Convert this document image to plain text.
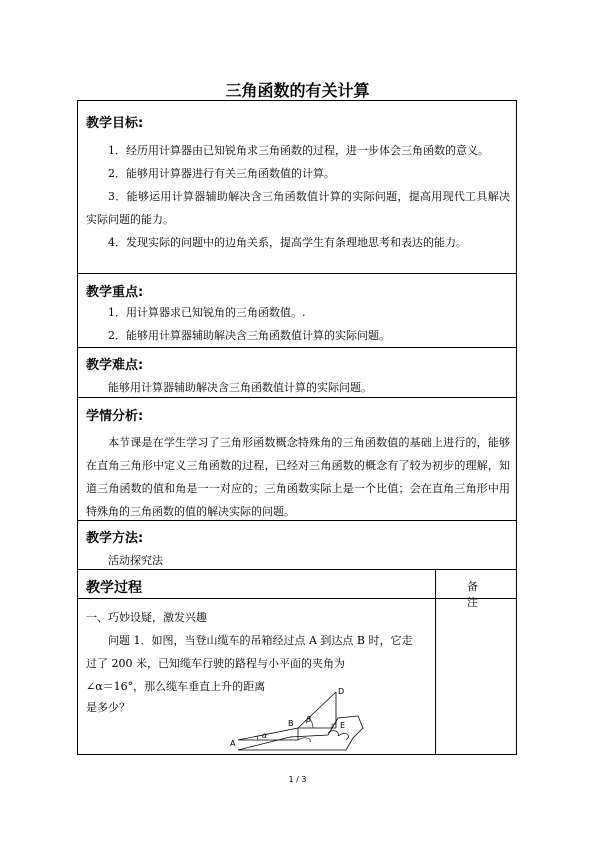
三角函数的有关计算
教学目标:

1．经历用计算器由已知锐角求三角函数的过程，进一步体会三角函数的意义。

2．能够用计算器进行有关三角函数值的计算。

3．能够运用计算器辅助解决含三角函数值计算的实际问题，提高用现代工具解决实际问题的能力。

4．发现实际的问题中的边角关系，提高学生有条理地思考和表达的能力。

教学重点:

1．用计算器求已知锐角的三角函数值。.

2．能够用计算器辅助解决含三角函数值计算的实际问题。

教学难点:

能够用计算器辅助解决含三角函数值计算的实际问题。

学情分析:

本节课是在学生学习了三角形函数概念特殊角的三角函数值的基础上进行的，能够在直角三角形中定义三角函数的过程，已经对三角函数的概念有了较为初步的理解，知道三角函数的值和角是一一对应的；三角函数实际上是一个比值；会在直角三角形中用特殊角的三角函数的值的解决实际的问题。

教学方法:

活动探究法

教学过程	备 注
一、巧妙设疑，激发兴趣
问题 1．如图，当登山缆车的吊箱经过点 A 到达点 B 时，它走
过了 200 米，已知缆车行驶的路程与小平面的夹角为
∠α＝16°，那么缆车垂直上升的距离
是多少？
A
B
D
E
α
β
1 / 3
